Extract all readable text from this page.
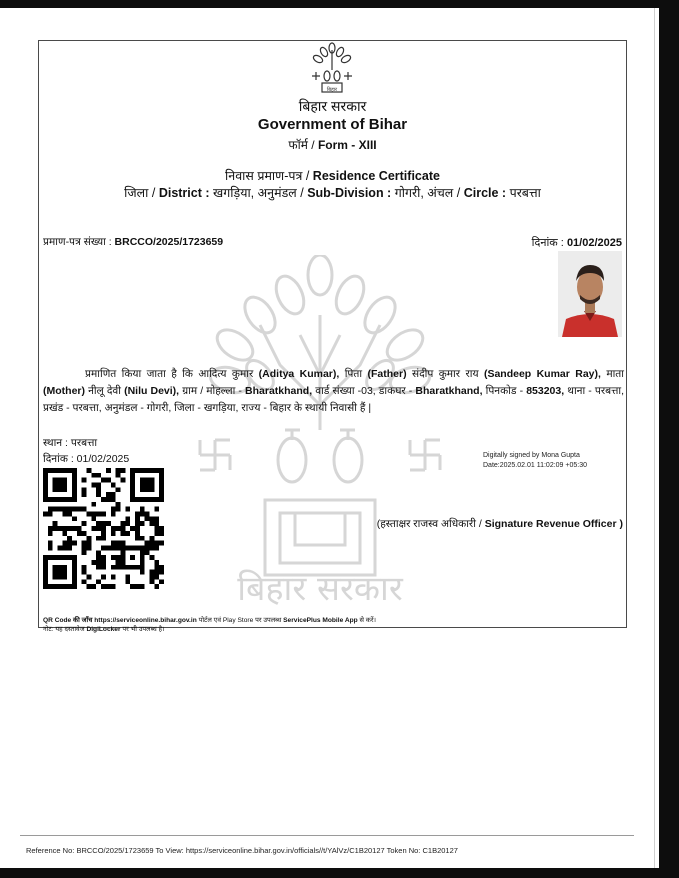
बिहार सरकार
बिहार
बिहार सरकार
Government of Bihar
फॉर्म / Form - XIII
निवास प्रमाण-पत्र / Residence Certificate
जिला / District : खगड़िया, अनुमंडल / Sub-Division : गोगरी, अंचल / Circle : परबत्ता
प्रमाण-पत्र संख्या : BRCCO/2025/1723659	दिनांक : 01/02/2025
प्रमाणित किया जाता है कि आदित्य कुमार (Aditya Kumar), पिता (Father) संदीप कुमार राय (Sandeep Kumar Ray), माता (Mother) नीलू देवी (Nilu Devi), ग्राम / मोहल्ला - Bharatkhand, वार्ड संख्या -03, डाकघर - Bharatkhand, पिनकोड - 853203, थाना - परबत्ता, प्रखंड - परबत्ता, अनुमंडल - गोगरी, जिला - खगड़िया, राज्य - बिहार के स्थायी निवासी हैं |
स्थान : परबत्ता
दिनांक : 01/02/2025	Digitally signed by Mona Gupta
Date:2025.02.01 11:02:09 +05:30
(हस्ताक्षर राजस्व अधिकारी / Signature Revenue Officer )
QR Code की जाँच https://serviceonline.bihar.gov.in पोर्टल एवं Play Store पर उपलब्ध ServicePlus Mobile App से करें।
नोट: यह दस्तावेज DigiLocker पर भी उपलब्ध है।
Reference No: BRCCO/2025/1723659 To View: https://serviceonline.bihar.gov.in/officials//t/YAlVz/C1B20127 Token No: C1B20127
